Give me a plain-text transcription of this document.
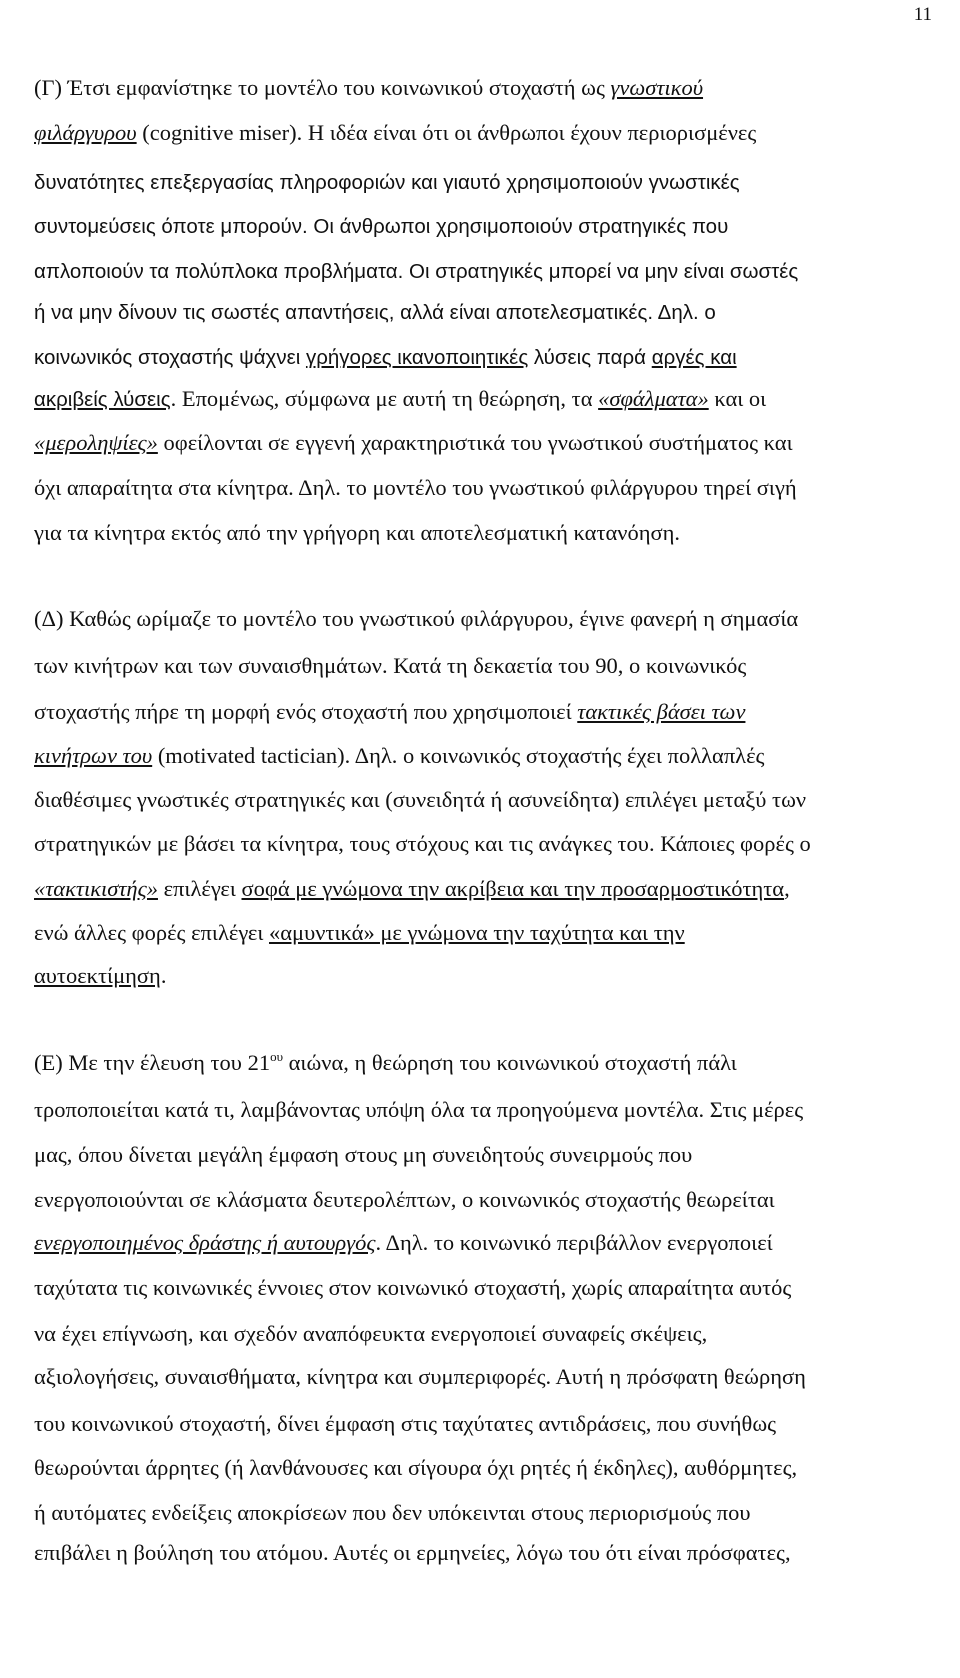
11
(Γ) Έτσι εμφανίστηκε το μοντέλο του κοινωνικού στοχαστή ως γνωστικού
φιλάργυρου (cognitive miser). Η ιδέα είναι ότι οι άνθρωποι έχουν περιορισμένες
δυνατότητες επεξεργασίας πληροφοριών και γιαυτό χρησιμοποιούν γνωστικές
συντομεύσεις όποτε μπορούν. Οι άνθρωποι χρησιμοποιούν στρατηγικές που
απλοποιούν τα πολύπλοκα προβλήματα. Οι στρατηγικές μπορεί να μην είναι σωστές
ή να μην δίνουν τις σωστές απαντήσεις, αλλά είναι αποτελεσματικές. Δηλ. ο
κοινωνικός στοχαστής ψάχνει γρήγορες ικανοποιητικές λύσεις παρά αργές και
ακριβείς λύσεις. Επομένως, σύμφωνα με αυτή τη θεώρηση, τα «σφάλματα» και οι
«μεροληψίες» οφείλονται σε εγγενή χαρακτηριστικά του γνωστικού συστήματος και
όχι απαραίτητα στα κίνητρα. Δηλ. το μοντέλο του γνωστικού φιλάργυρου τηρεί σιγή
για τα κίνητρα εκτός από την γρήγορη και αποτελεσματική κατανόηση.
(Δ) Καθώς ωρίμαζε το μοντέλο του γνωστικού φιλάργυρου, έγινε φανερή η σημασία
των κινήτρων και των συναισθημάτων. Κατά τη δεκαετία του 90, ο κοινωνικός
στοχαστής πήρε τη μορφή ενός στοχαστή που χρησιμοποιεί τακτικές βάσει των
κινήτρων του (motivated tactician). Δηλ. ο κοινωνικός στοχαστής έχει πολλαπλές
διαθέσιμες γνωστικές στρατηγικές και (συνειδητά ή ασυνείδητα) επιλέγει μεταξύ των
στρατηγικών με βάσει τα κίνητρα, τους στόχους και τις ανάγκες του. Κάποιες φορές ο
«τακτικιστής» επιλέγει σοφά με γνώμονα την ακρίβεια και την προσαρμοστικότητα,
ενώ άλλες φορές επιλέγει «αμυντικά» με γνώμονα την ταχύτητα και την
αυτοεκτίμηση.
(Ε) Με την έλευση του $21^{o\upsilon}$ αιώνα, η θεώρηση του κοινωνικού στοχαστή πάλι
τροποποιείται κατά τι, λαμβάνοντας υπόψη όλα τα προηγούμενα μοντέλα. Στις μέρες
μας, όπου δίνεται μεγάλη έμφαση στους μη συνειδητούς συνειρμούς που
ενεργοποιούνται σε κλάσματα δευτερολέπτων, ο κοινωνικός στοχαστής θεωρείται
ενεργοποιημένος δράστης ή αυτουργός. Δηλ. το κοινωνικό περιβάλλον ενεργοποιεί
ταχύτατα τις κοινωνικές έννοιες στον κοινωνικό στοχαστή, χωρίς απαραίτητα αυτός
να έχει επίγνωση, και σχεδόν αναπόφευκτα ενεργοποιεί συναφείς σκέψεις,
αξιολογήσεις, συναισθήματα, κίνητρα και συμπεριφορές. Αυτή η πρόσφατη θεώρηση
του κοινωνικού στοχαστή, δίνει έμφαση στις ταχύτατες αντιδράσεις, που συνήθως
θεωρούνται άρρητες (ή λανθάνουσες και σίγουρα όχι ρητές ή έκδηλες), αυθόρμητες,
ή αυτόματες ενδείξεις αποκρίσεων που δεν υπόκεινται στους περιορισμούς που
επιβάλει η βούληση του ατόμου. Αυτές οι ερμηνείες, λόγω του ότι είναι πρόσφατες,
